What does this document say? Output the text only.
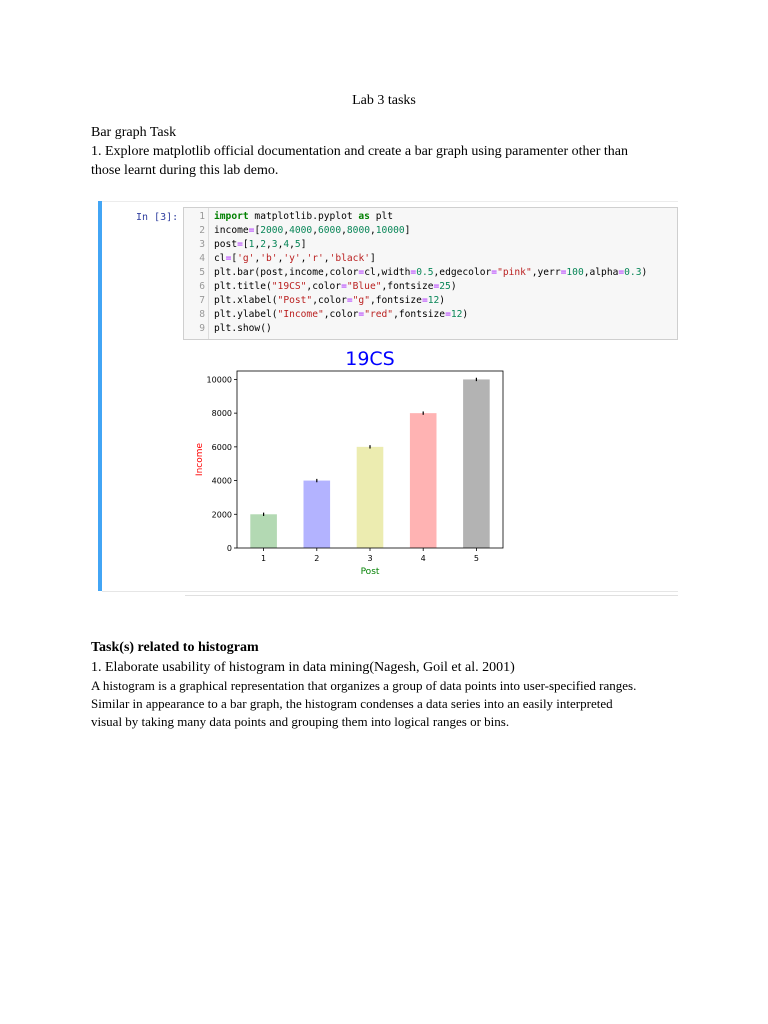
Lab 3 tasks
Bar graph Task
1. Explore matplotlib official documentation and create a bar graph using paramenter other than
those learnt during this lab demo.
In [3]:	1 import matplotlib.pyplot as plt
2 income=[2000,4000,6000,8000,10000]
3 post=[1,2,3,4,5]
4 cl=['g','b','y','r','black']
5 plt.bar(post,income,color=cl,width=0.5,edgecolor="pink",yerr=100,alpha=0.3)
6 plt.title("19CS",color="Blue",fontsize=25)
7 plt.xlabel("Post",color="g",fontsize=12)
8 plt.ylabel("Income",color="red",fontsize=12)
9 plt.show()
19CS
1	2	3	4	5
0
2000
4000
6000
8000
10000
Post
Income
Task(s) related to histogram
1. Elaborate usability of histogram in data mining(Nagesh, Goil et al. 2001)
A histogram is a graphical representation that organizes a group of data points into user-specified ranges.
Similar in appearance to a bar graph, the histogram condenses a data series into an easily interpreted
visual by taking many data points and grouping them into logical ranges or bins.
